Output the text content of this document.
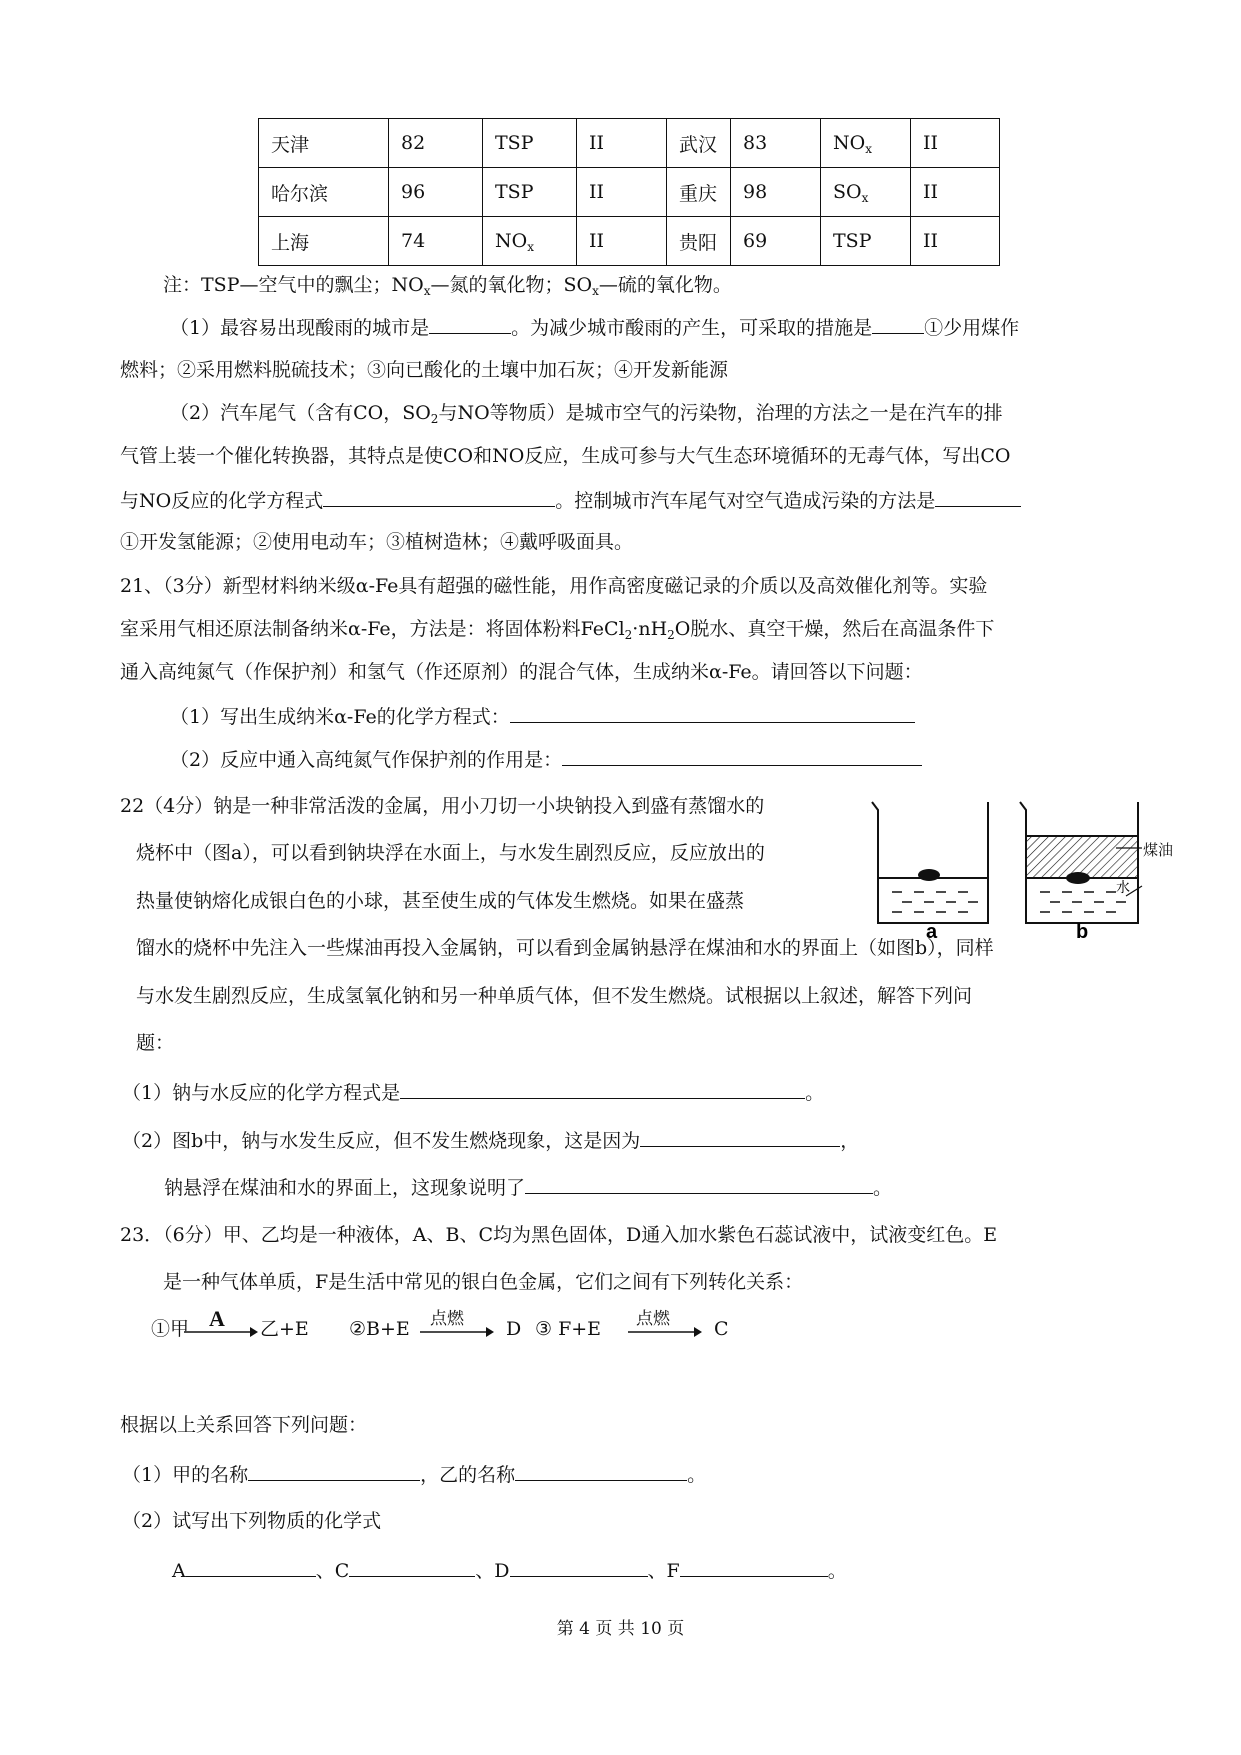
天津	82	TSP	II	武汉	83	$NO_x$	II
哈尔滨	96	TSP	II	重庆	98	$SO_x$	II
上海	74	$NO_x$	II	贵阳	69	TSP	II
注：TSP—空气中的飘尘；$NO_x—$氮的氧化物；$SO_x—$硫的氧化物。
（1）最容易出现酸雨的城市是	。为减少城市酸雨的产生，可采取的措施是	①少用煤作
燃料；②采用燃料脱硫技术；③向已酸化的土壤中加石灰；④开发新能源
（2）汽车尾气（含有CO，$SO_2$与NO等物质）是城市空气的污染物，治理的方法之一是在汽车的排
气管上装一个催化转换器，其特点是使CO和NO反应，生成可参与大气生态环境循环的无毒气体，写出CO
与NO反应的化学方程式	。控制城市汽车尾气对空气造成污染的方法是
①开发氢能源；②使用电动车；③植树造林；④戴呼吸面具。
21、（3分）新型材料纳米级α-Fe具有超强的磁性能，用作高密度磁记录的介质以及高效催化剂等。实验
室采用气相还原法制备纳米α-Fe，方法是：将固体粉料$FeCl_2\cdot nH_2O$脱水、真空干燥，然后在高温条件下
通入高纯氮气（作保护剂）和氢气（作还原剂）的混合气体，生成纳米α-Fe。请回答以下问题：
（1）写出生成纳米α-Fe的化学方程式：
（2）反应中通入高纯氮气作保护剂的作用是：
22（4分）钠是一种非常活泼的金属，用小刀切一小块钠投入到盛有蒸馏水的
烧杯中（图a），可以看到钠块浮在水面上，与水发生剧烈反应，反应放出的
热量使钠熔化成银白色的小球，甚至使生成的气体发生燃烧。如果在盛蒸
馏水的烧杯中先注入一些煤油再投入金属钠，可以看到金属钠悬浮在煤油和水的界面上（如图b），同样
与水发生剧烈反应，生成氢氧化钠和另一种单质气体，但不发生燃烧。试根据以上叙述，解答下列问
题：
（1）钠与水反应的化学方程式是	。
（2）图b中，钠与水发生反应，但不发生燃烧现象，这是因为	，
钠悬浮在煤油和水的界面上，这现象说明了	。
a	b
水
煤油
23．（6分）甲、乙均是一种液体，A、B、C均为黑色固体，D通入加水紫色石蕊试液中，试液变红色。E
是一种气体单质，F是生活中常见的银白色金属，它们之间有下列转化关系：
①甲 A 乙+E ②B+E 点燃 D ③ F+E 点燃 C
根据以上关系回答下列问题：
（1）甲的名称	，乙的名称	。
（2）试写出下列物质的化学式
A	、C	、D	、F	。
第 4 页 共 10 页
